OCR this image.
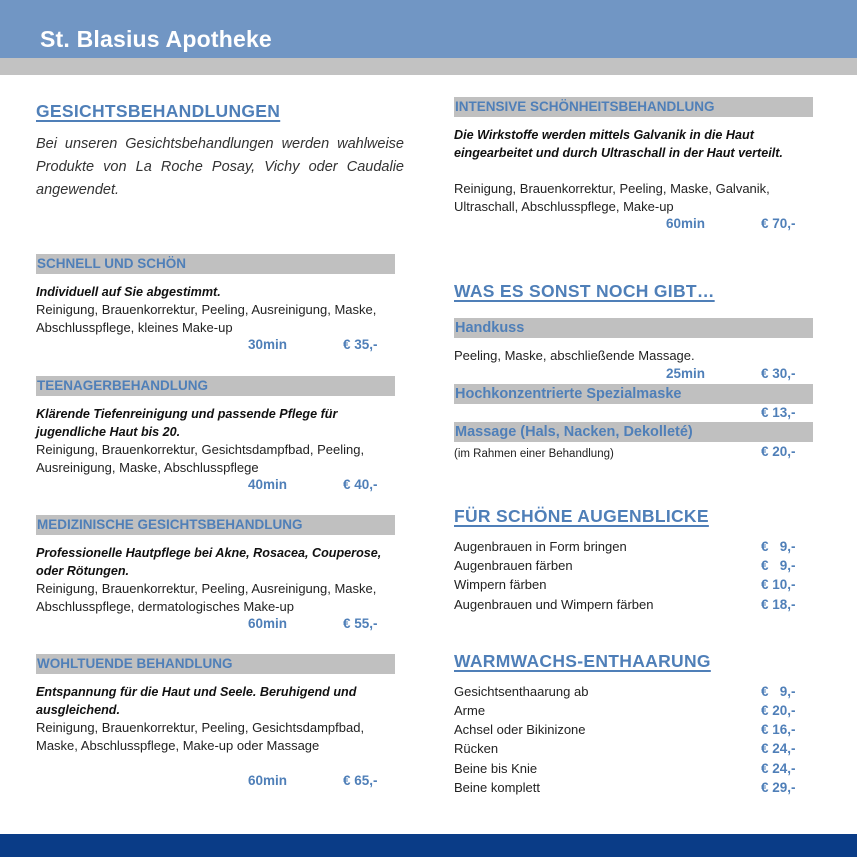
St. Blasius Apotheke
GESICHTSBEHANDLUNGEN
Bei unseren Gesichtsbehandlungen werden wahlweise Produkte von La Roche Posay, Vichy oder Caudalie angewendet.
SCHNELL UND SCHÖN
Individuell auf Sie abgestimmt.
Reinigung, Brauenkorrektur, Peeling, Ausreinigung, Maske, Abschlusspflege, kleines Make-up
30min	€ 35,-
TEENAGERBEHANDLUNG
Klärende Tiefenreinigung und passende Pflege für jugendliche Haut bis 20.
Reinigung, Brauenkorrektur, Gesichtsdampfbad, Peeling, Ausreinigung, Maske, Abschlusspflege
40min	€ 40,-
MEDIZINISCHE GESICHTSBEHANDLUNG
Professionelle Hautpflege bei Akne, Rosacea, Couperose, oder Rötungen.
Reinigung, Brauenkorrektur, Peeling, Ausreinigung, Maske, Abschlusspflege, dermatologisches Make-up
60min	€ 55,-
WOHLTUENDE BEHANDLUNG
Entspannung für die Haut und Seele. Beruhigend und ausgleichend.
Reinigung, Brauenkorrektur, Peeling, Gesichtsdampfbad, Maske, Abschlusspflege, Make-up oder Massage
60min	€ 65,-
INTENSIVE SCHÖNHEITSBEHANDLUNG
Die Wirkstoffe werden mittels Galvanik in die Haut eingearbeitet und durch Ultraschall in der Haut verteilt.
Reinigung, Brauenkorrektur, Peeling, Maske, Galvanik, Ultraschall, Abschlusspflege, Make-up
60min	€ 70,-
WAS ES SONST NOCH GIBT…
Handkuss
Peeling, Maske, abschließende Massage.
25min	€ 30,-
Hochkonzentrierte Spezialmaske
€ 13,-
Massage (Hals, Nacken, Dekolleté)
(im Rahmen einer Behandlung)	€ 20,-
FÜR SCHÖNE AUGENBLICKE
Augenbrauen in Form bringen	€   9,-
Augenbrauen färben	€   9,-
Wimpern färben	€ 10,-
Augenbrauen und Wimpern färben	€ 18,-
WARMWACHS-ENTHAARUNG
Gesichtsenthaarung ab	€   9,-
Arme	€ 20,-
Achsel oder Bikinizone	€ 16,-
Rücken	€ 24,-
Beine bis Knie	€ 24,-
Beine komplett	€ 29,-
